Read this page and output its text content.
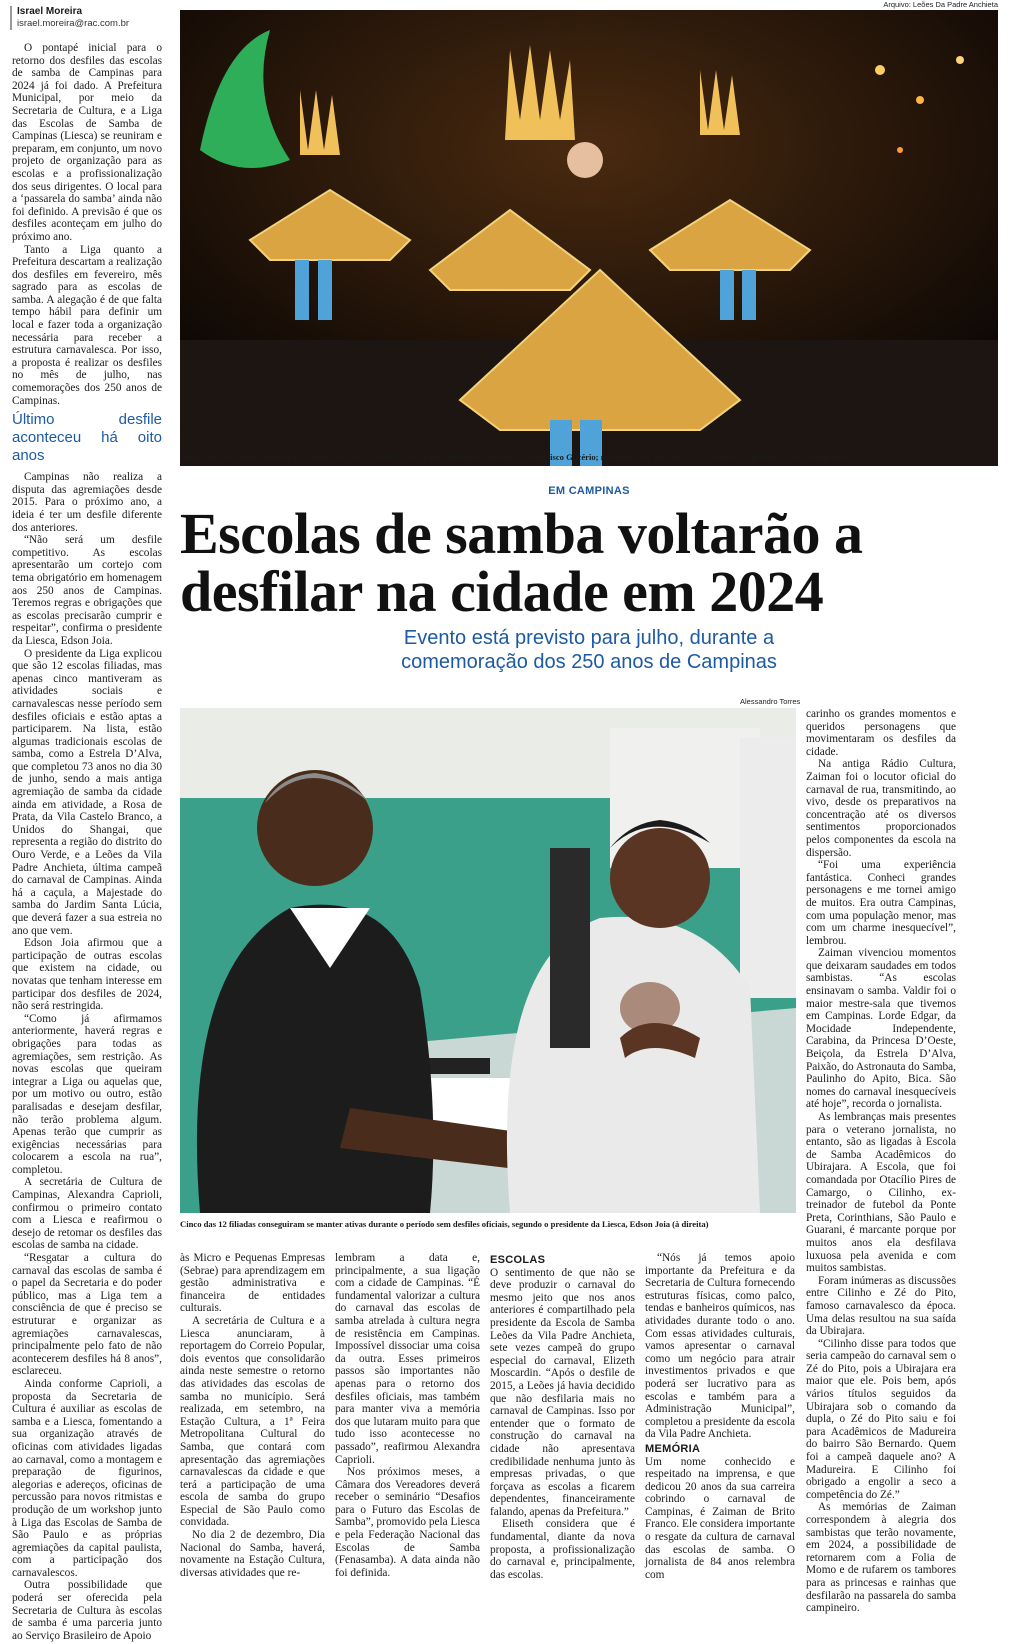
Israel Moreira
israel.moreira@rac.com.br

O pontapé inicial para o retorno dos desfiles das escolas de samba de Campinas para 2024 já foi dado. A Prefeitura Municipal, por meio da Secretaria de Cultura, e a Liga das Escolas de Samba de Campinas (Liesca) se reuniram e preparam, em conjunto, um novo projeto de organização para as escolas e a profissionalização dos seus dirigentes. O local para a ‘passarela do samba’ ainda não foi definido. A previsão é que os desfiles aconteçam em julho do próximo ano.

Tanto a Liga quanto a Prefeitura descartam a realização dos desfiles em fevereiro, mês sagrado para as escolas de samba. A alegação é de que falta tempo hábil para definir um local e fazer toda a organização necessária para receber a estrutura carnavalesca. Por isso, a proposta é realizar os desfiles no mês de julho, nas comemorações dos 250 anos de Campinas.

Último desfile aconteceu há oito anos

Campinas não realiza a disputa das agremiações desde 2015. Para o próximo ano, a ideia é ter um desfile diferente dos anteriores.

“Não será um desfile competitivo. As escolas apresentarão um cortejo com tema obrigatório em homenagem aos 250 anos de Campinas. Teremos regras e obrigações que as escolas precisarão cumprir e respeitar”, confirma o presidente da Liesca, Edson Joia.

O presidente da Liga explicou que são 12 escolas filiadas, mas apenas cinco mantiveram as atividades sociais e carnavalescas nesse período sem desfiles oficiais e estão aptas a participarem. Na lista, estão algumas tradicionais escolas de samba, como a Estrela D’Alva, que completou 73 anos no dia 30 de junho, sendo a mais antiga agremiação de samba da cidade ainda em atividade, a Rosa de Prata, da Vila Castelo Branco, a Unidos do Shangai, que representa a região do distrito do Ouro Verde, e a Leões da Vila Padre Anchieta, última campeã do carnaval de Campinas. Ainda há a caçula, a Majestade do samba do Jardim Santa Lúcia, que deverá fazer a sua estreia no ano que vem.

Edson Joia afirmou que a participação de outras escolas que existem na cidade, ou novatas que tenham interesse em participar dos desfiles de 2024, não será restringida.

“Como já afirmamos anteriormente, haverá regras e obrigações para todas as agremiações, sem restrição. As novas escolas que queiram integrar a Liga ou aquelas que, por um motivo ou outro, estão paralisadas e desejam desfilar, não terão problema algum. Apenas terão que cumprir as exigências necessárias para colocarem a escola na rua”, completou.

A secretária de Cultura de Campinas, Alexandra Caprioli, confirmou o primeiro contato com a Liesca e reafirmou o desejo de retomar os desfiles das escolas de samba na cidade.

“Resgatar a cultura do carnaval das escolas de samba é o papel da Secretaria e do poder público, mas a Liga tem a consciência de que é preciso se estruturar e organizar as agremiações carnavalescas, principalmente pelo fato de não acontecerem desfiles há 8 anos”, esclareceu.

Ainda conforme Caprioli, a proposta da Secretaria de Cultura é auxiliar as escolas de samba e a Liesca, fomentando a sua organização através de oficinas com atividades ligadas ao carnaval, como a montagem e preparação de figurinos, alegorias e adereços, oficinas de percussão para novos ritmistas e produção de um workshop junto à Liga das Escolas de Samba de São Paulo e as próprias agremiações da capital paulista, com a participação dos carnavalescos.

Outra possibilidade que poderá ser oferecida pela Secretaria de Cultura às escolas de samba é uma parceria junto ao Serviço Brasileiro de Apoio

Arquivo: Leões Da Padre Anchieta
Integrantes da última campeã do Carnaval de 2015, Leões da Vila Padre Anchieta, sambam na Francisco Glicério; retomada das apresentações acontecerá em formato não competitivo
EM CAMPINAS
Escolas de samba voltarão a
desfilar na cidade em 2024
Evento está previsto para julho, durante a
comemoração dos 250 anos de Campinas
Alessandro Torres
Cinco das 12 filiadas conseguiram se manter ativas durante o período sem desfiles oficiais, segundo o presidente da Liesca, Edson Joia (à direita)

às Micro e Pequenas Empresas (Sebrae) para aprendizagem em gestão administrativa e financeira de entidades culturais.

A secretária de Cultura e a Liesca anunciaram, à reportagem do Correio Popular, dois eventos que consolidarão ainda neste semestre o retorno das atividades das escolas de samba no município. Será realizada, em setembro, na Estação Cultura, a 1ª Feira Metropolitana Cultural do Samba, que contará com apresentação das agremiações carnavalescas da cidade e que terá a participação de uma escola de samba do grupo Especial de São Paulo como convidada.

No dia 2 de dezembro, Dia Nacional do Samba, haverá, novamente na Estação Cultura, diversas atividades que re-

lembram a data e, principalmente, a sua ligação com a cidade de Campinas. “É fundamental valorizar a cultura do carnaval das escolas de samba atrelada à cultura negra de resistência em Campinas. Impossível dissociar uma coisa da outra. Esses primeiros passos são importantes não apenas para o retorno dos desfiles oficiais, mas também para manter viva a memória dos que lutaram muito para que tudo isso acontecesse no passado”, reafirmou Alexandra Caprioli.

Nos próximos meses, a Câmara dos Vereadores deverá receber o seminário “Desafios para o Futuro das Escolas de Samba”, promovido pela Liesca e pela Federação Nacional das Escolas de Samba (Fenasamba). A data ainda não foi definida.

ESCOLAS

O sentimento de que não se deve produzir o carnaval do mesmo jeito que nos anos anteriores é compartilhado pela presidente da Escola de Samba Leões da Vila Padre Anchieta, sete vezes campeã do grupo especial do carnaval, Elizeth Moscardin. “Após o desfile de 2015, a Leões já havia decidido que não desfilaria mais no carnaval de Campinas. Isso por entender que o formato de construção do carnaval na cidade não apresentava credibilidade nenhuma junto às empresas privadas, o que forçava as escolas a ficarem dependentes, financeiramente falando, apenas da Prefeitura.”

Eliseth considera que é fundamental, diante da nova proposta, a profissionalização do carnaval e, principalmente, das escolas.

“Nós já temos apoio importante da Prefeitura e da Secretaria de Cultura fornecendo estruturas físicas, como palco, tendas e banheiros químicos, nas atividades durante todo o ano. Com essas atividades culturais, vamos apresentar o carnaval como um negócio para atrair investimentos privados e que poderá ser lucrativo para as escolas e também para a Administração Municipal”, completou a presidente da escola da Vila Padre Anchieta.

MEMÓRIA

Um nome conhecido e respeitado na imprensa, e que dedicou 20 anos da sua carreira cobrindo o carnaval de Campinas, é Zaiman de Brito Franco. Ele considera importante o resgate da cultura de carnaval das escolas de samba. O jornalista de 84 anos relembra com

carinho os grandes momentos e queridos personagens que movimentaram os desfiles da cidade.

Na antiga Rádio Cultura, Zaiman foi o locutor oficial do carnaval de rua, transmitindo, ao vivo, desde os preparativos na concentração até os diversos sentimentos proporcionados pelos componentes da escola na dispersão.

“Foi uma experiência fantástica. Conheci grandes personagens e me tornei amigo de muitos. Era outra Campinas, com uma população menor, mas com um charme inesquecível”, lembrou.

Zaiman vivenciou momentos que deixaram saudades em todos sambistas. “As escolas ensinavam o samba. Valdir foi o maior mestre-sala que tivemos em Campinas. Lorde Edgar, da Mocidade Independente, Carabina, da Princesa D’Oeste, Beiçola, da Estrela D’Alva, Paixão, do Astronauta do Samba, Paulinho do Apito, Bica. São nomes do carnaval inesquecíveis até hoje”, recorda o jornalista.

As lembranças mais presentes para o veterano jornalista, no entanto, são as ligadas à Escola de Samba Acadêmicos do Ubirajara. A Escola, que foi comandada por Otacílio Pires de Camargo, o Cilinho, ex-treinador de futebol da Ponte Preta, Corinthians, São Paulo e Guarani, é marcante porque por muitos anos ela desfilava luxuosa pela avenida e com muitos sambistas.

Foram inúmeras as discussões entre Cilinho e Zé do Pito, famoso carnavalesco da época. Uma delas resultou na sua saída da Ubirajara.

“Cilinho disse para todos que seria campeão do carnaval sem o Zé do Pito, pois a Ubirajara era maior que ele. Pois bem, após vários títulos seguidos da Ubirajara sob o comando da dupla, o Zé do Pito saiu e foi para Acadêmicos de Madureira do bairro São Bernardo. Quem foi a campeã daquele ano? A Madureira. E Cilinho foi obrigado a engolir a seco a competência do Zé.”

As memórias de Zaiman correspondem à alegria dos sambistas que terão novamente, em 2024, a possibilidade de retornarem com a Folia de Momo e de rufarem os tambores para as princesas e rainhas que desfilarão na passarela do samba campineiro.
